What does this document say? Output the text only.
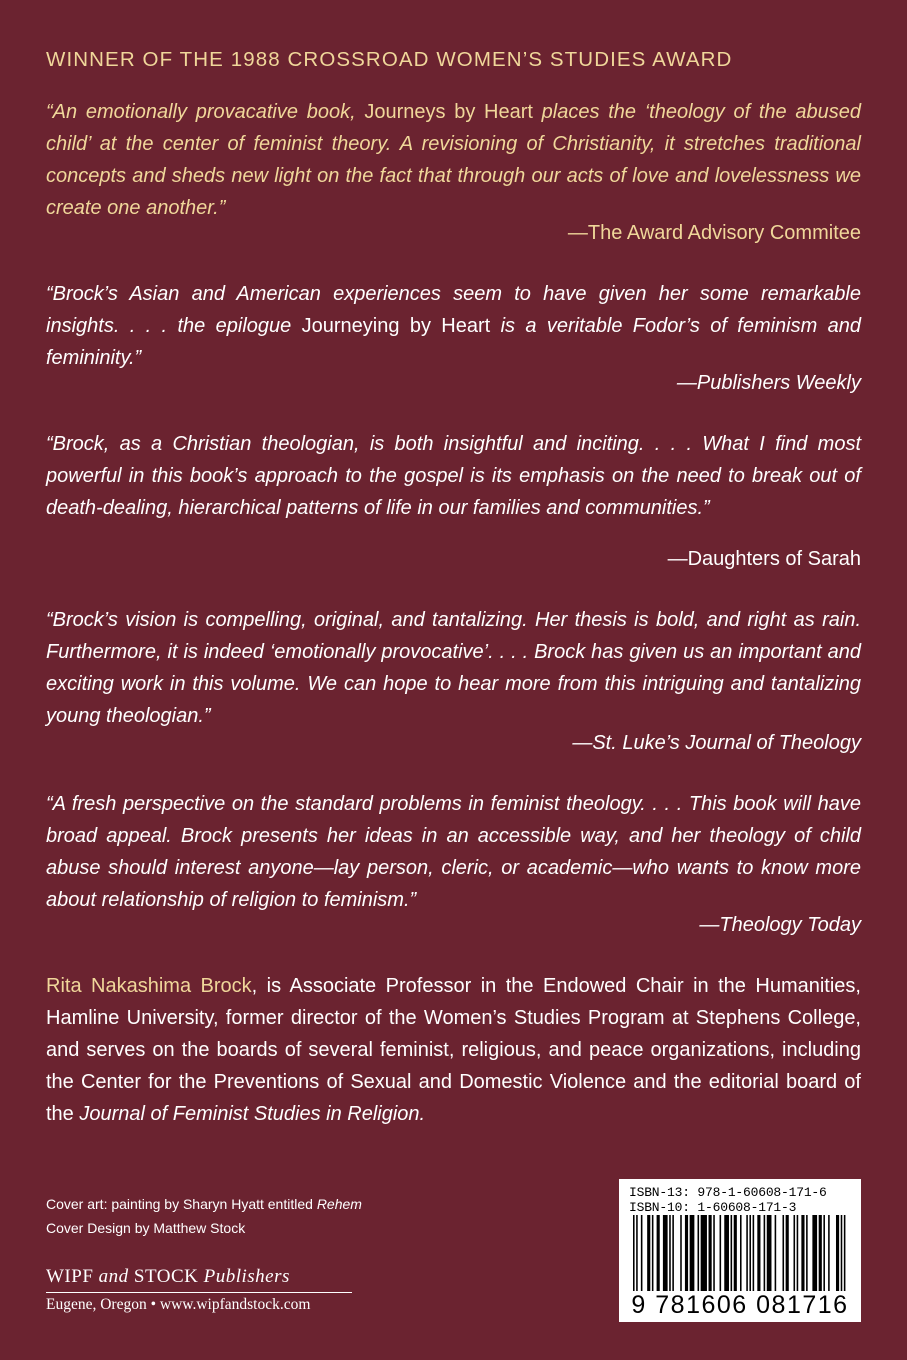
WINNER OF THE 1988 CROSSROAD WOMEN’S STUDIES AWARD
“An emotionally provacative book, Journeys by Heart places the ‘theology of the abused child’ at the center of feminist theory. A revisioning of Christianity, it stretches traditional concepts and sheds new light on the fact that through our acts of love and lovelessness we create one another.”
—The Award Advisory Commitee
“Brock’s Asian and American experiences seem to have given her some remarkable insights. . . . the epilogue Journeying by Heart is a veritable Fodor’s of feminism and femininity.”
—Publishers Weekly
“Brock, as a Christian theologian, is both insightful and inciting. . . . What I find most powerful in this book’s approach to the gospel is its emphasis on the need to break out of death-dealing, hierarchical patterns of life in our families and communities.”
—Daughters of Sarah
“Brock’s vision is compelling, original, and tantalizing. Her thesis is bold, and right as rain. Furthermore, it is indeed ‘emotionally provocative’. . . . Brock has given us an important and exciting work in this volume. We can hope to hear more from this intriguing and tantalizing young theologian.”
—St. Luke’s Journal of Theology
“A fresh perspective on the standard problems in feminist theology. . . . This book will have broad appeal. Brock presents her ideas in an accessible way, and her theology of child abuse should interest anyone—lay person, cleric, or academic—who wants to know more about relationship of religion to feminism.”
—Theology Today
Rita Nakashima Brock, is Associate Professor in the Endowed Chair in the Humanities, Hamline University, former director of the Women’s Studies Program at Stephens College, and serves on the boards of several feminist, religious, and peace organizations, including the Center for the Preventions of Sexual and Domestic Violence and the editorial board of the Journal of Feminist Studies in Religion.
Cover art: painting by Sharyn Hyatt entitled Rehem
Cover Design by Matthew Stock
WIPF and STOCK Publishers
Eugene, Oregon • www.wipfandstock.com
ISBN-13: 978-1-60608-171-6
ISBN-10: 1-60608-171-3
9 781606 081716
